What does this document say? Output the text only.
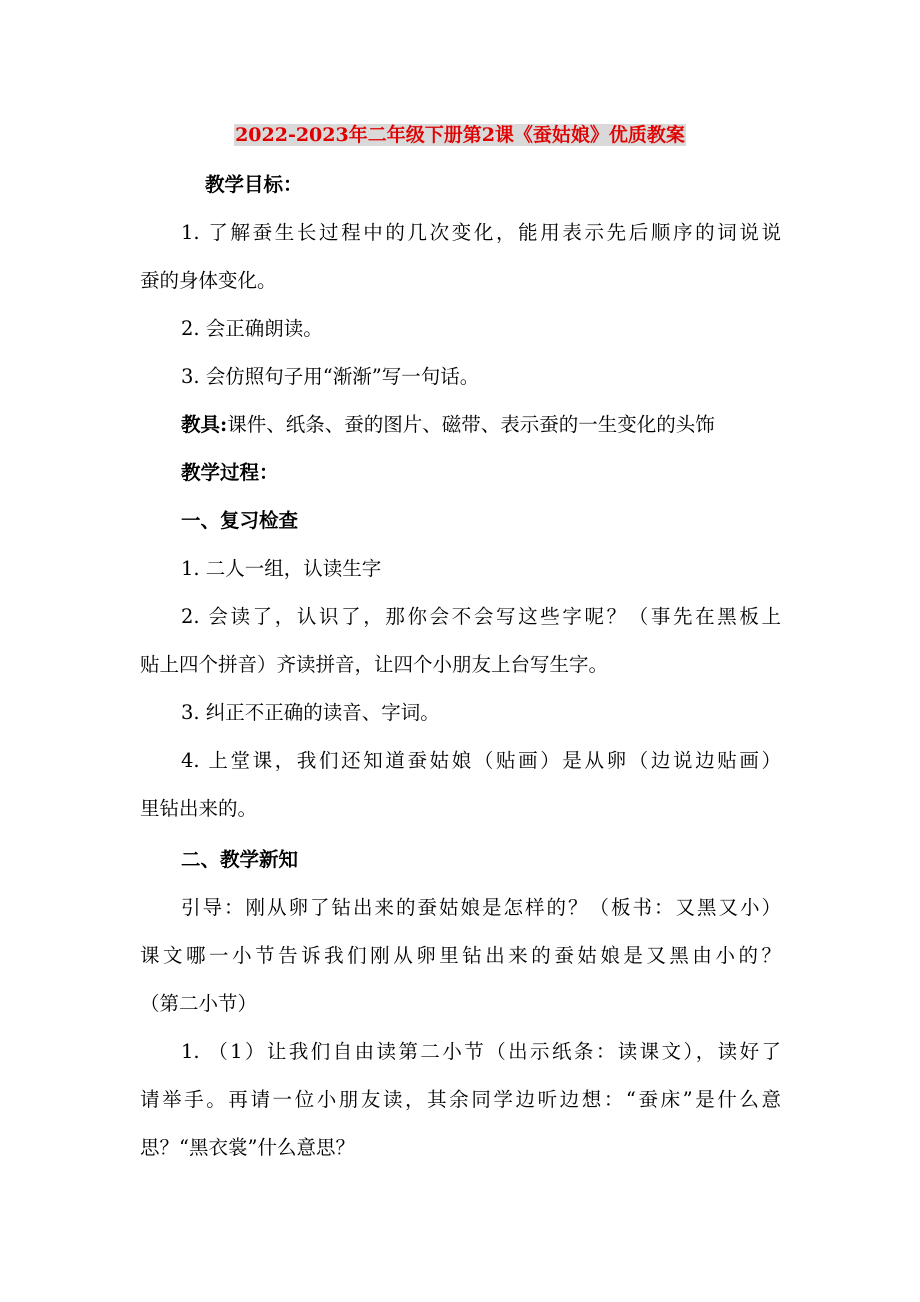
2022-2023年二年级下册第2课《蚕姑娘》优质教案
教学目标：
1. 了解蚕生长过程中的几次变化，能用表示先后顺序的词说说
蚕的身体变化。
2. 会正确朗读。
3. 会仿照句子用“渐渐”写一句话。
教具:课件、纸条、蚕的图片、磁带、表示蚕的一生变化的头饰
教学过程：
一、复习检查
1. 二人一组，认读生字
2. 会读了，认识了，那你会不会写这些字呢？（事先在黑板上
贴上四个拼音）齐读拼音，让四个小朋友上台写生字。
3. 纠正不正确的读音、字词。
4. 上堂课，我们还知道蚕姑娘（贴画）是从卵（边说边贴画）
里钻出来的。
二、教学新知
引导：刚从卵了钻出来的蚕姑娘是怎样的？（板书：又黑又小）
课文哪一小节告诉我们刚从卵里钻出来的蚕姑娘是又黑由小的？
（第二小节）
1. （1）让我们自由读第二小节（出示纸条：读课文），读好了
请举手。再请一位小朋友读，其余同学边听边想：“蚕床”是什么意
思？“黑衣裳”什么意思？
